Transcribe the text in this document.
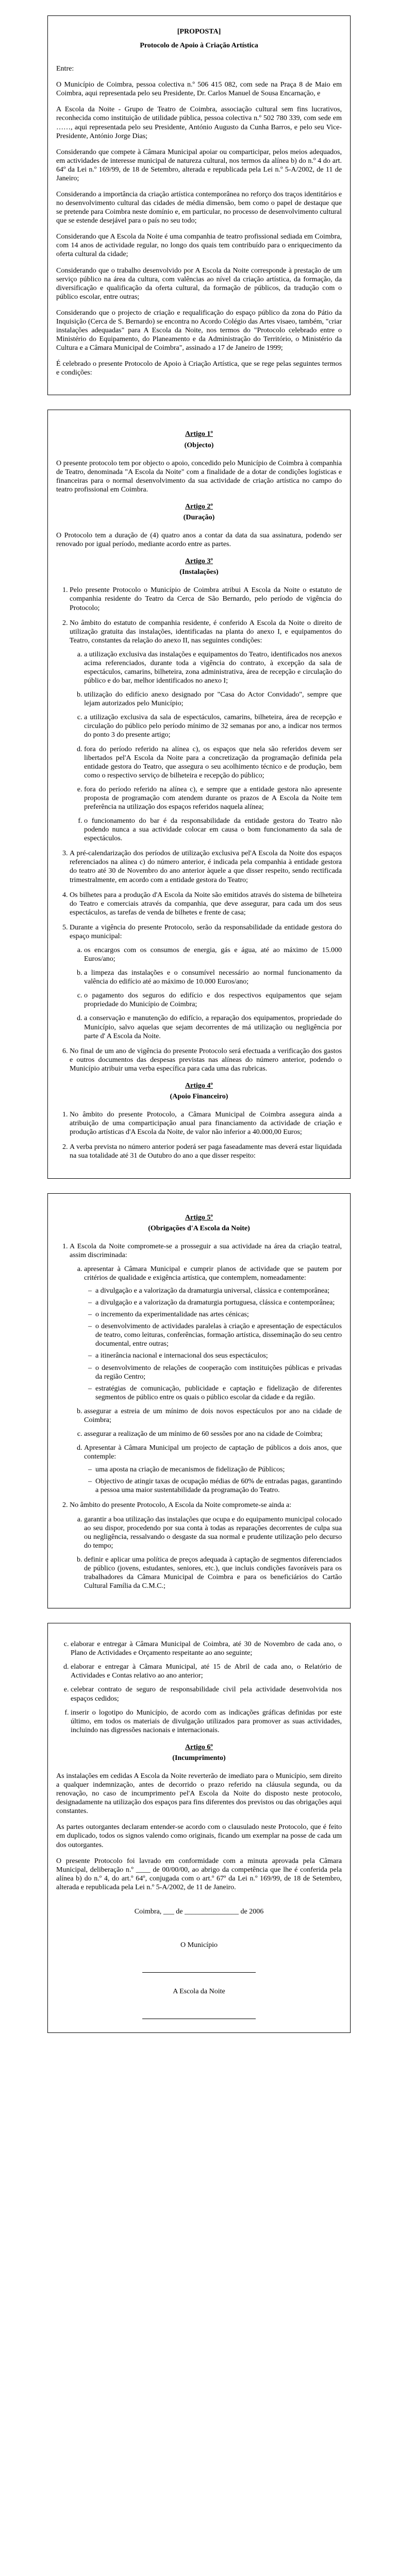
[PROPOSTA]
Protocolo de Apoio à Criação Artística

Entre:

O Município de Coimbra, pessoa colectiva n.º 506 415 082, com sede na Praça 8 de Maio em Coimbra, aqui representada pelo seu Presidente, Dr. Carlos Manuel de Sousa Encarnação, e

A Escola da Noite - Grupo de Teatro de Coimbra, associação cultural sem fins lucrativos, reconhecida como instituição de utilidade pública, pessoa colectiva n.º 502 780 339, com sede em ……, aqui representada pelo seu Presidente, António Augusto da Cunha Barros, e pelo seu Vice-Presidente, António Jorge Dias;

Considerando que compete à Câmara Municipal apoiar ou comparticipar, pelos meios adequados, em actividades de interesse municipal de natureza cultural, nos termos da alínea b) do n.º 4 do art. 64º da Lei n.º 169/99, de 18 de Setembro, alterada e republicada pela Lei n.º 5-A/2002, de 11 de Janeiro;

Considerando a importância da criação artística contemporânea no reforço dos traços identitários e no desenvolvimento cultural das cidades de média dimensão, bem como o papel de destaque que se pretende para Coimbra neste domínio e, em particular, no processo de desenvolvimento cultural que se estende desejável para o país no seu todo;

Considerando que A Escola da Noite é uma companhia de teatro profissional sediada em Coimbra, com 14 anos de actividade regular, no longo dos quais tem contribuído para o enriquecimento da oferta cultural da cidade;

Considerando que o trabalho desenvolvido por A Escola da Noite corresponde à prestação de um serviço público na área da cultura, com valências ao nível da criação artística, da formação, da diversificação e qualificação da oferta cultural, da formação de públicos, da tradução com o público escolar, entre outras;

Considerando que o projecto de criação e requalificação do espaço público da zona do Pátio da Inquisição (Cerca de S. Bernardo) se encontra no Acordo Colégio das Artes visaeo, também, "criar instalações adequadas" para A Escola da Noite, nos termos do "Protocolo celebrado entre o Ministério do Equipamento, do Planeamento e da Administração do Território, o Ministério da Cultura e a Câmara Municipal de Coimbra", assinado a 17 de Janeiro de 1999;

É celebrado o presente Protocolo de Apoio à Criação Artística, que se rege pelas seguintes termos e condições:

Artigo 1º
(Objecto)

O presente protocolo tem por objecto o apoio, concedido pelo Município de Coimbra à companhia de Teatro, denominada "A Escola da Noite" com a finalidade de a dotar de condições logísticas e financeiras para o normal desenvolvimento da sua actividade de criação artística no campo do teatro profissional em Coimbra.

Artigo 2º
(Duração)

O Protocolo tem a duração de (4) quatro anos a contar da data da sua assinatura, podendo ser renovado por igual período, mediante acordo entre as partes.

Artigo 3º
(Instalações)
1. Pelo presente Protocolo o Município de Coimbra atribui A Escola da Noite o estatuto de companhia residente do Teatro da Cerca de São Bernardo, pelo período de vigência do Protocolo;
2. No âmbito do estatuto de companhia residente, é conferido A Escola da Noite o direito de utilização gratuita das instalações, identificadas na planta do anexo I, e equipamentos do Teatro, constantes da relação do anexo II, nas seguintes condições:
a. a utilização exclusiva das instalações e equipamentos do Teatro, identificados nos anexos acima referenciados, durante toda a vigência do contrato, à excepção da sala de espectáculos, camarins, bilheteira, zona administrativa, área de recepção e circulação do público e do bar, melhor identificados no anexo I;
b. utilização do edifício anexo designado por "Casa do Actor Convidado", sempre que lejam autorizados pelo Município;
c. a utilização exclusiva da sala de espectáculos, camarins, bilheteira, área de recepção e circulação do público pelo período mínimo de 32 semanas por ano, a indicar nos termos do ponto 3 do presente artigo;
d. fora do período referido na alínea c), os espaços que nela são referidos devem ser libertados pel'A Escola da Noite para a concretização da programação definida pela entidade gestora do Teatro, que assegura o seu acolhimento técnico e de produção, bem como o respectivo serviço de bilheteira e recepção do público;
e. fora do período referido na alínea c), e sempre que a entidade gestora não apresente proposta de programação com atendem durante os prazos de A Escola da Noite tem preferência na utilização dos espaços referidos naquela alínea;
f. o funcionamento do bar é da responsabilidade da entidade gestora do Teatro não podendo nunca a sua actividade colocar em causa o bom funcionamento da sala de espectáculos.
3. A pré-calendarização dos períodos de utilização exclusiva pel'A Escola da Noite dos espaços referenciados na alínea c) do número anterior, é indicada pela companhia à entidade gestora do teatro até 30 de Novembro do ano anterior àquele a que disser respeito, sendo rectificada trimestralmente, em acordo com a entidade gestora do Teatro;
4. Os bilhetes para a produção d'A Escola da Noite são emitidos através do sistema de bilheteira do Teatro e comerciais através da companhia, que deve assegurar, para cada um dos seus espectáculos, as tarefas de venda de bilhetes e frente de casa;
5. Durante a vigência do presente Protocolo, serão da responsabilidade da entidade gestora do espaço municipal:
a. os encargos com os consumos de energia, gás e água, até ao máximo de 15.000 Euros/ano;
b. a limpeza das instalações e o consumível necessário ao normal funcionamento da valência do edifício até ao máximo de 10.000 Euros/ano;
c. o pagamento dos seguros do edifício e dos respectivos equipamentos que sejam propriedade do Município de Coimbra;
d. a conservação e manutenção do edifício, a reparação dos equipamentos, propriedade do Município, salvo aquelas que sejam decorrentes de má utilização ou negligência por parte d' A Escola da Noite.
6. No final de um ano de vigência do presente Protocolo será efectuada a verificação dos gastos e outros documentos das despesas previstas nas alíneas do número anterior, podendo o Município atribuir uma verba específica para cada uma das rubricas.
Artigo 4º
(Apoio Financeiro)
1. No âmbito do presente Protocolo, a Câmara Municipal de Coimbra assegura ainda a atribuição de uma comparticipação anual para financiamento da actividade de criação e produção artísticas d'A Escola da Noite, de valor não inferior a 40.000,00 Euros;
2. A verba prevista no número anterior poderá ser paga faseadamente mas deverá estar liquidada na sua totalidade até 31 de Outubro do ano a que disser respeito:
Artigo 5º
(Obrigações d'A Escola da Noite)
1. A Escola da Noite compromete-se a prosseguir a sua actividade na área da criação teatral, assim discriminada:
a. apresentar à Câmara Municipal e cumprir planos de actividade que se pautem por critérios de qualidade e exigência artística, que contemplem, nomeadamente:
– a divulgação e a valorização da dramaturgia universal, clássica e contemporânea;
– a divulgação e a valorização da dramaturgia portuguesa, clássica e contemporânea;
– o incremento da experimentalidade nas artes cénicas;
– o desenvolvimento de actividades paralelas à criação e apresentação de espectáculos de teatro, como leituras, conferências, formação artística, disseminação do seu centro documental, entre outras;
– a itinerância nacional e internacional dos seus espectáculos;
– o desenvolvimento de relações de cooperação com instituições públicas e privadas da região Centro;
– estratégias de comunicação, publicidade e captação e fidelização de diferentes segmentos de público entre os quais o público escolar da cidade e da região.
b. assegurar a estreia de um mínimo de dois novos espectáculos por ano na cidade de Coimbra;
c. assegurar a realização de um mínimo de 60 sessões por ano na cidade de Coimbra;
d. Apresentar à Câmara Municipal um projecto de captação de públicos a dois anos, que contemple:
– uma aposta na criação de mecanismos de fidelização de Públicos;
– Objectivo de atingir taxas de ocupação médias de 60% de entradas pagas, garantindo a pessoa uma maior sustentabilidade da programação do Teatro.
2. No âmbito do presente Protocolo, A Escola da Noite compromete-se ainda a:
a. garantir a boa utilização das instalações que ocupa e do equipamento municipal colocado ao seu dispor, procedendo por sua conta à todas as reparações decorrentes de culpa sua ou negligência, ressalvando o desgaste da sua normal e prudente utilização pelo decurso do tempo;
b. definir e aplicar uma política de preços adequada à captação de segmentos diferenciados de público (jovens, estudantes, seniores, etc.), que incluis condições favoráveis para os trabalhadores da Câmara Municipal de Coimbra e para os beneficiários do Cartão Cultural Família da C.M.C.;
c. elaborar e entregar à Câmara Municipal de Coimbra, até 30 de Novembro de cada ano, o Plano de Actividades e Orçamento respeitante ao ano seguinte;
d. elaborar e entregar à Câmara Municipal, até 15 de Abril de cada ano, o Relatório de Actividades e Contas relativo ao ano anterior;
e. celebrar contrato de seguro de responsabilidade civil pela actividade desenvolvida nos espaços cedidos;
f. inserir o logotipo do Município, de acordo com as indicações gráficas definidas por este último, em todos os materiais de divulgação utilizados para promover as suas actividades, incluindo nas digressões nacionais e internacionais.
Artigo 6º
(Incumprimento)

As instalações em cedidas A Escola da Noite reverterão de imediato para o Município, sem direito a qualquer indemnização, antes de decorrido o prazo referido na cláusula segunda, ou da renovação, no caso de incumprimento pel'A Escola da Noite do disposto neste protocolo, designadamente na utilização dos espaços para fins diferentes dos previstos ou das obrigações aqui constantes.

As partes outorgantes declaram entender-se acordo com o clausulado neste Protocolo, que é feito em duplicado, todos os signos valendo como originais, ficando um exemplar na posse de cada um dos outorgantes.

O presente Protocolo foi lavrado em conformidade com a minuta aprovada pela Câmara Municipal, deliberação n.º ____ de 00/00/00, ao abrigo da competência que lhe é conferida pela alínea b) do n.º 4, do art.º 64º, conjugada com o art.º 67º da Lei n.º 169/99, de 18 de Setembro, alterada e republicada pela Lei n.º 5-A/2002, de 11 de Janeiro.

Coimbra, ___ de _______________ de 2006
O Município
A Escola da Noite
